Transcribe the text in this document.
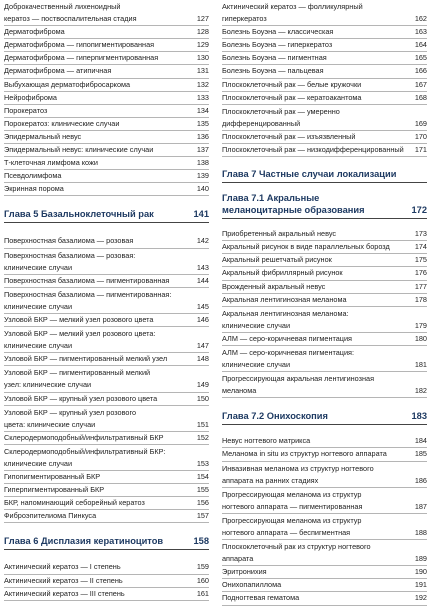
Доброкачественный лихеноидный
кератоз — поствоспалительная стадия	127
Дерматофиброма	128
Дерматофиброма — гипопигментированная	129
Дерматофиброма — гиперпигментированная	130
Дерматофиброма — атипичная	131
Выбухающая дерматофибросаркома	132
Нейрофиброма	133
Порокератоз	134
Порокератоз: клинические случаи	135
Эпидермальный невус	136
Эпидермальный невус: клинические случаи	137
Т-клеточная лимфома кожи	138
Псевдолимфома	139
Экринная порома	140
Глава 5 Базальноклеточный рак	141
Поверхностная базалиома — розовая	142
Поверхностная базалиома — розовая:
клинические случаи	143
Поверхностная базалиома — пигментированная	144
Поверхностная базалиома — пигментированная:
клинические случаи	145
Узловой БКР — мелкий узел розового цвета	146
Узловой БКР — мелкий узел розового цвета:
клинические случаи	147
Узловой БКР — пигментированный мелкий узел	148
Узловой БКР — пигментированный мелкий
узел: клинические случаи	149
Узловой БКР — крупный узел розового цвета	150
Узловой БКР — крупный узел розового
цвета: клинические случаи	151
Склеродермоподобный/инфильтративный БКР	152
Склеродермоподобный/инфильтративный БКР:
клинические случаи	153
Гипопигментированный БКР	154
Гиперпигментированный БКР	155
БКР, напоминающий себорейный кератоз	156
Фиброэпителиома Пинкуса	157
Глава 6 Дисплазия кератиноцитов	158
Актинический кератоз — I степень	159
Актинический кератоз — II степень	160
Актинический кератоз — III степень	161
Актинический кератоз — фолликулярный
гиперкератоз	162
Болезнь Боуэна — классическая	163
Болезнь Боуэна — гиперкератоз	164
Болезнь Боуэна — пигментная	165
Болезнь Боуэна — пальцевая	166
Плоскоклеточный рак — белые кружочки	167
Плоскоклеточный рак — кератоакантома	168
Плоскоклеточный рак — умеренно
дифференцированный	169
Плоскоклеточный рак — изъязвленный	170
Плоскоклеточный рак — низкодифференцированный	171
Глава 7 Частные случаи локализации
Глава 7.1 Акральные
меланоцитарные образования	172
Приобретенный акральный невус	173
Акральный рисунок в виде параллельных борозд	174
Акральный решетчатый рисунок	175
Акральный фибриллярный рисунок	176
Врожденный акральный невус	177
Акральная лентигинозная меланома	178
Акральная лентигинозная меланома:
клинические случаи	179
АЛМ — серо-коричневая пигментация	180
АЛМ — серо-коричневая пигментация:
клинические случаи	181
Прогрессирующая акральная лентигинозная
меланома	182
Глава 7.2 Онихоскопия	183
Невус ногтевого матрикса	184
Меланома in situ из структур ногтевого аппарата	185
Инвазивная меланома из структур ногтевого
аппарата на ранних стадиях	186
Прогрессирующая меланома из структур
ногтевого аппарата — пигментированная	187
Прогрессирующая меланома из структур
ногтевого аппарата — беспигментная	188
Плоскоклеточный рак из структур ногтевого
аппарата	189
Эритронихия	190
Онихопапиллома	191
Подногтевая гематома	192
